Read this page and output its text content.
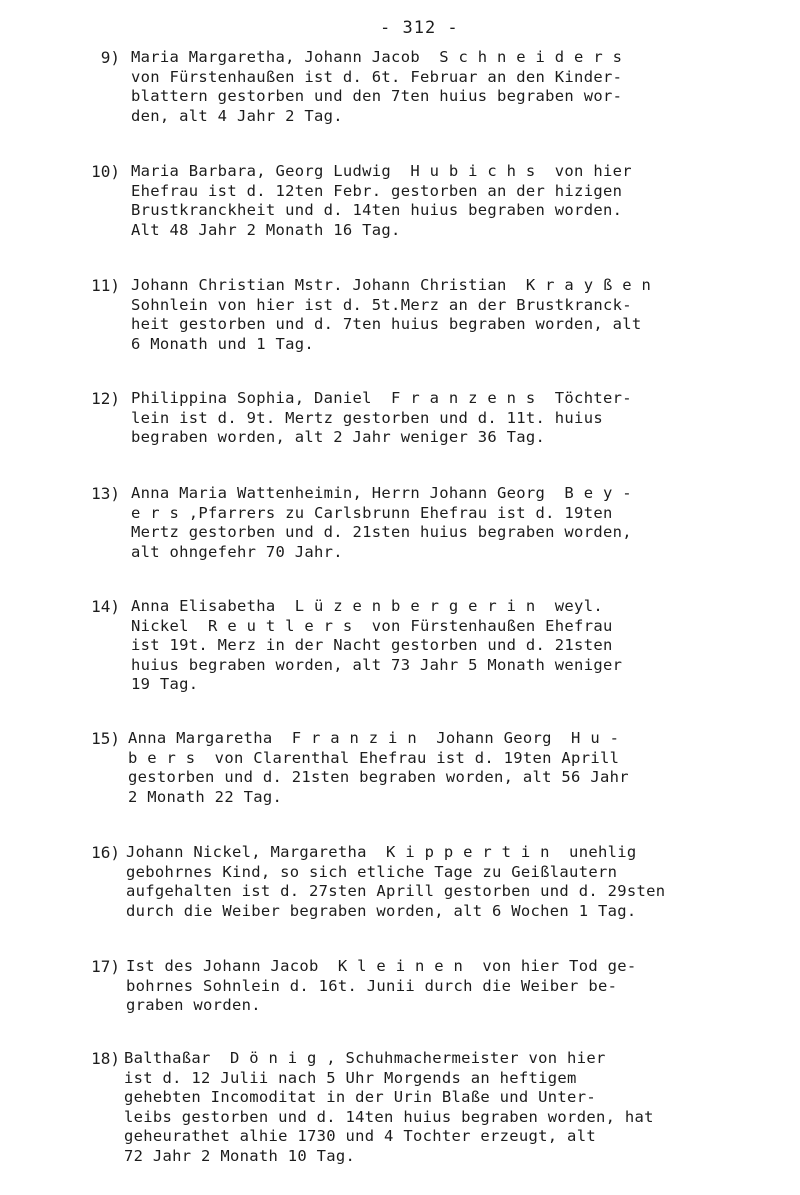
- 312 -
9) Maria Margaretha, Johann Jacob  S c h n e i d e r s
von Fürstenhaußen ist d. 6t. Februar an den Kinder-
blattern gestorben und den 7ten huius begraben wor-
den, alt 4 Jahr 2 Tag.
10) Maria Barbara, Georg Ludwig  H u b i c h s  von hier
Ehefrau ist d. 12ten Febr. gestorben an der hizigen
Brustkranckheit und d. 14ten huius begraben worden.
Alt 48 Jahr 2 Monath 16 Tag.
11) Johann Christian Mstr. Johann Christian  K r a y ß e n
Sohnlein von hier ist d. 5t.Merz an der Brustkranck-
heit gestorben und d. 7ten huius begraben worden, alt
6 Monath und 1 Tag.
12) Philippina Sophia, Daniel  F r a n z e n s  Töchter-
lein ist d. 9t. Mertz gestorben und d. 11t. huius
begraben worden, alt 2 Jahr weniger 36 Tag.
13) Anna Maria Wattenheimin, Herrn Johann Georg  B e y -
e r s ,Pfarrers zu Carlsbrunn Ehefrau ist d. 19ten
Mertz gestorben und d. 21sten huius begraben worden,
alt ohngefehr 70 Jahr.
14) Anna Elisabetha  L ü z e n b e r g e r i n  weyl.
Nickel  R e u t l e r s  von Fürstenhaußen Ehefrau
ist 19t. Merz in der Nacht gestorben und d. 21sten
huius begraben worden, alt 73 Jahr 5 Monath weniger
19 Tag.
15) Anna Margaretha  F r a n z i n  Johann Georg  H u -
b e r s  von Clarenthal Ehefrau ist d. 19ten Aprill
gestorben und d. 21sten begraben worden, alt 56 Jahr
2 Monath 22 Tag.
16) Johann Nickel, Margaretha  K i p p e r t i n  unehlig
gebohrnes Kind, so sich etliche Tage zu Geißlautern
aufgehalten ist d. 27sten Aprill gestorben und d. 29sten
durch die Weiber begraben worden, alt 6 Wochen 1 Tag.
17) Ist des Johann Jacob  K l e i n e n  von hier Tod ge-
bohrnes Sohnlein d. 16t. Junii durch die Weiber be-
graben worden.
18) Balthaßar  D ö n i g , Schuhmachermeister von hier
ist d. 12 Julii nach 5 Uhr Morgends an heftigem
gehebten Incomoditat in der Urin Blaße und Unter-
leibs gestorben und d. 14ten huius begraben worden, hat
geheurathet alhie 1730 und 4 Tochter erzeugt, alt
72 Jahr 2 Monath 10 Tag.
